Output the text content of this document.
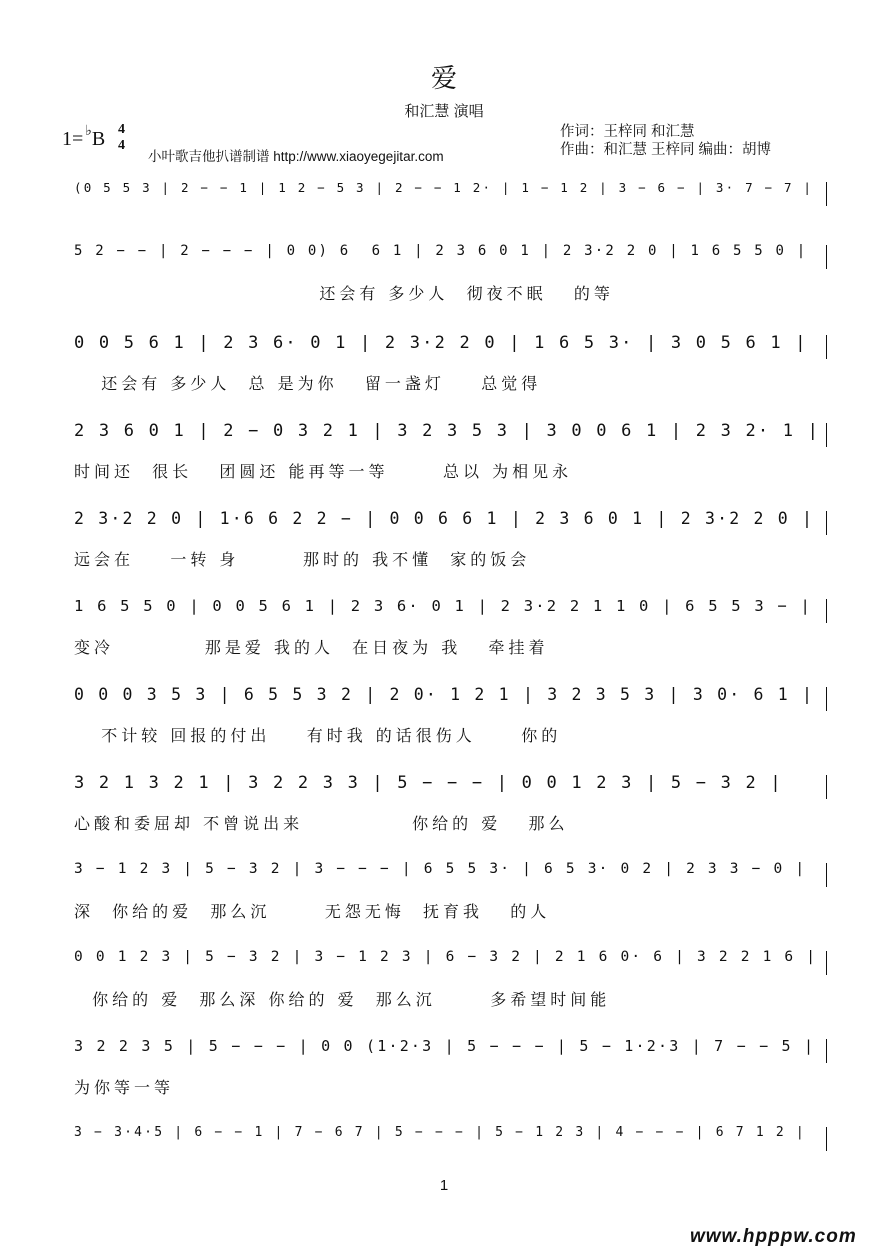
爱
和汇慧 演唱
1= ♭B 4
4
小叶歌吉他扒谱制谱 http://www.xiaoyegejitar.com
作词：王梓同 和汇慧
作曲：和汇慧 王梓同 编曲：胡博
(0 5 5 3 | 2 − − 1 | 1 2 − 5 3 | 2 − − 1 2· | 1 − 1 2 | 3 − 6 − | 3· 7 − 7 |
5 2 − − | 2 − − − | 0 0) 6  6 1 | 2 3 6 0 1 | 2 3·2 2 0 | 1 6 5 5 0 |
还会有 多少人  彻夜不眠   的等
0 0 5 6 1 | 2 3 6· 0 1 | 2 3·2 2 0 | 1 6 5 3· | 3 0 5 6 1 |
还会有 多少人  总 是为你   留一盏灯    总觉得
2 3 6 0 1 | 2 − 0 3 2 1 | 3 2 3 5 3 | 3 0 0 6 1 | 2 3 2· 1 |
时间还  很长   团圆还 能再等一等      总以 为相见永
2 3·2 2 0 | 1·6 6 2 2 − | 0 0 6 6 1 | 2 3 6 0 1 | 2 3·2 2 0 |
远会在    一转 身       那时的 我不懂  家的饭会
1 6 5 5 0 | 0 0 5 6 1 | 2 3 6· 0 1 | 2 3·2 2 1 1 0 | 6 5 5 3 − |
变冷          那是爱 我的人  在日夜为 我   牵挂着
0 0 0 3 5 3 | 6 5 5 3 2 | 2 0· 1 2 1 | 3 2 3 5 3 | 3 0· 6 1 |
不计较 回报的付出    有时我 的话很伤人     你的
3 2 1 3 2 1 | 3 2 2 3 3 | 5 − − − | 0 0 1 2 3 | 5 − 3 2 |
心酸和委屈却 不曾说出来            你给的 爱   那么
3 − 1 2 3 | 5 − 3 2 | 3 − − − | 6 5 5 3· | 6 5 3· 0 2 | 2 3 3 − 0 |
深  你给的爱  那么沉      无怨无悔  抚育我   的人
0 0 1 2 3 | 5 − 3 2 | 3 − 1 2 3 | 6 − 3 2 | 2 1 6 0· 6 | 3 2 2 1 6 |
你给的 爱  那么深 你给的 爱  那么沉      多希望时间能
3 2 2 3 5 | 5 − − − | 0 0 (1·2·3 | 5 − − − | 5 − 1·2·3 | 7 − − 5 |
为你等一等
3 − 3·4·5 | 6 − − 1 | 7 − 6 7 | 5 − − − | 5 − 1 2 3 | 4 − − − | 6 7 1 2 |
1
www.hpppw.com
